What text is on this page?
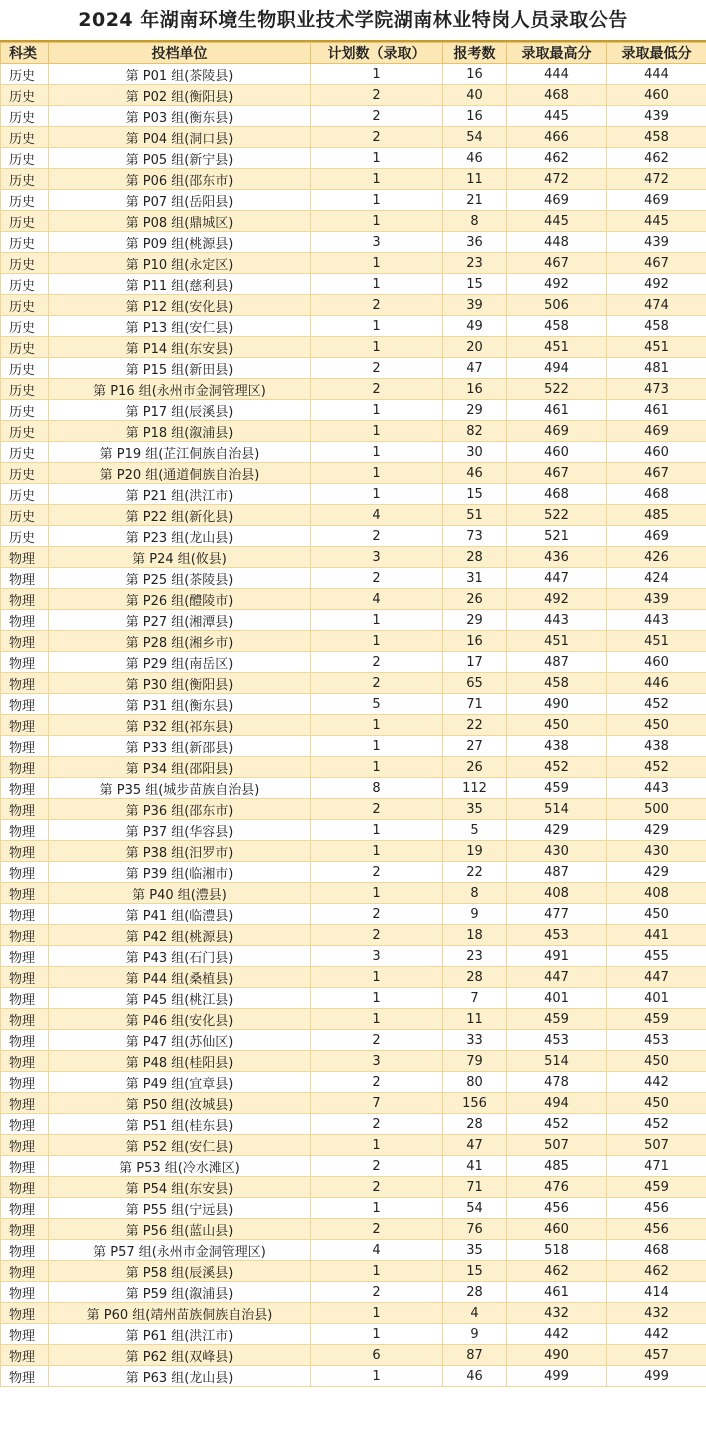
2024 年湖南环境生物职业技术学院湖南林业特岗人员录取公告
科类	投档单位	计划数（录取）	报考数	录取最高分	录取最低分
历史	第 P01 组(茶陵县)	1	16	444	444
历史	第 P02 组(衡阳县)	2	40	468	460
历史	第 P03 组(衡东县)	2	16	445	439
历史	第 P04 组(洞口县)	2	54	466	458
历史	第 P05 组(新宁县)	1	46	462	462
历史	第 P06 组(邵东市)	1	11	472	472
历史	第 P07 组(岳阳县)	1	21	469	469
历史	第 P08 组(鼎城区)	1	8	445	445
历史	第 P09 组(桃源县)	3	36	448	439
历史	第 P10 组(永定区)	1	23	467	467
历史	第 P11 组(慈利县)	1	15	492	492
历史	第 P12 组(安化县)	2	39	506	474
历史	第 P13 组(安仁县)	1	49	458	458
历史	第 P14 组(东安县)	1	20	451	451
历史	第 P15 组(新田县)	2	47	494	481
历史	第 P16 组(永州市金洞管理区)	2	16	522	473
历史	第 P17 组(辰溪县)	1	29	461	461
历史	第 P18 组(溆浦县)	1	82	469	469
历史	第 P19 组(芷江侗族自治县)	1	30	460	460
历史	第 P20 组(通道侗族自治县)	1	46	467	467
历史	第 P21 组(洪江市)	1	15	468	468
历史	第 P22 组(新化县)	4	51	522	485
历史	第 P23 组(龙山县)	2	73	521	469
物理	第 P24 组(攸县)	3	28	436	426
物理	第 P25 组(茶陵县)	2	31	447	424
物理	第 P26 组(醴陵市)	4	26	492	439
物理	第 P27 组(湘潭县)	1	29	443	443
物理	第 P28 组(湘乡市)	1	16	451	451
物理	第 P29 组(南岳区)	2	17	487	460
物理	第 P30 组(衡阳县)	2	65	458	446
物理	第 P31 组(衡东县)	5	71	490	452
物理	第 P32 组(祁东县)	1	22	450	450
物理	第 P33 组(新邵县)	1	27	438	438
物理	第 P34 组(邵阳县)	1	26	452	452
物理	第 P35 组(城步苗族自治县)	8	112	459	443
物理	第 P36 组(邵东市)	2	35	514	500
物理	第 P37 组(华容县)	1	5	429	429
物理	第 P38 组(汨罗市)	1	19	430	430
物理	第 P39 组(临湘市)	2	22	487	429
物理	第 P40 组(澧县)	1	8	408	408
物理	第 P41 组(临澧县)	2	9	477	450
物理	第 P42 组(桃源县)	2	18	453	441
物理	第 P43 组(石门县)	3	23	491	455
物理	第 P44 组(桑植县)	1	28	447	447
物理	第 P45 组(桃江县)	1	7	401	401
物理	第 P46 组(安化县)	1	11	459	459
物理	第 P47 组(苏仙区)	2	33	453	453
物理	第 P48 组(桂阳县)	3	79	514	450
物理	第 P49 组(宜章县)	2	80	478	442
物理	第 P50 组(汝城县)	7	156	494	450
物理	第 P51 组(桂东县)	2	28	452	452
物理	第 P52 组(安仁县)	1	47	507	507
物理	第 P53 组(冷水滩区)	2	41	485	471
物理	第 P54 组(东安县)	2	71	476	459
物理	第 P55 组(宁远县)	1	54	456	456
物理	第 P56 组(蓝山县)	2	76	460	456
物理	第 P57 组(永州市金洞管理区)	4	35	518	468
物理	第 P58 组(辰溪县)	1	15	462	462
物理	第 P59 组(溆浦县)	2	28	461	414
物理	第 P60 组(靖州苗族侗族自治县)	1	4	432	432
物理	第 P61 组(洪江市)	1	9	442	442
物理	第 P62 组(双峰县)	6	87	490	457
物理	第 P63 组(龙山县)	1	46	499	499
